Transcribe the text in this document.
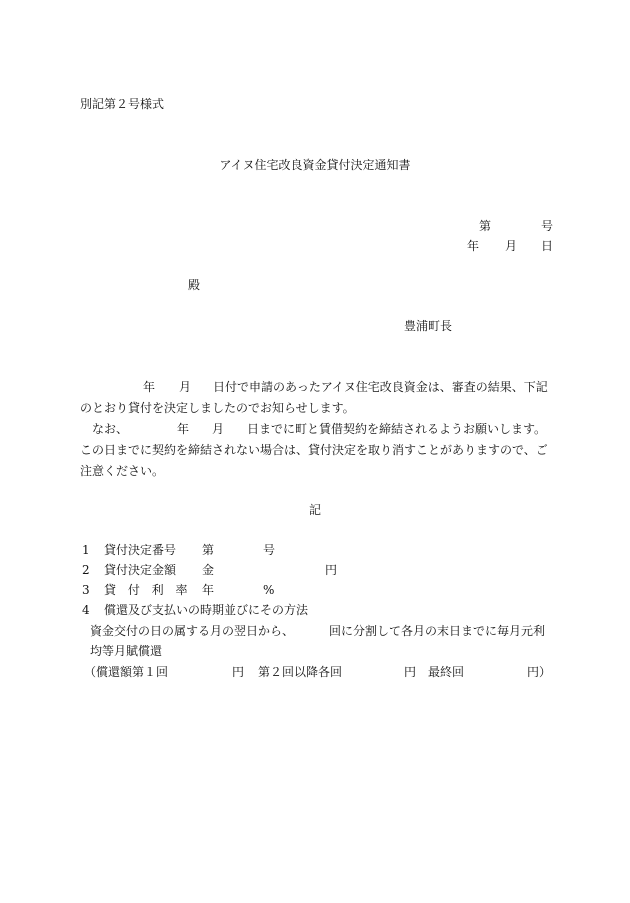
別記第２号様式
アイヌ住宅改良資金貸付決定通知書
第	号
年 月 日
殿
豊浦町長
年 月 日付で申請のあったアイヌ住宅改良資金は、審査の結果、下記
のとおり貸付を決定しましたのでお知らせします。
なお、	年 月 日までに町と賃借契約を締結されるようお願いします。
この日までに契約を締結されない場合は、貸付決定を取り消すことがありますので、ご
注意ください。
記
1 貸付決定番号 第	号
2 貸付決定金額 金	円
3 貸 付 利 率 年	%
4 償還及び支払いの時期並びにその方法
資金交付の日の属する月の翌日から、	回に分割して各月の末日までに毎月元利
均等月賦償還
（償還額第１回	円 第２回以降各回	円 最終回	円）
